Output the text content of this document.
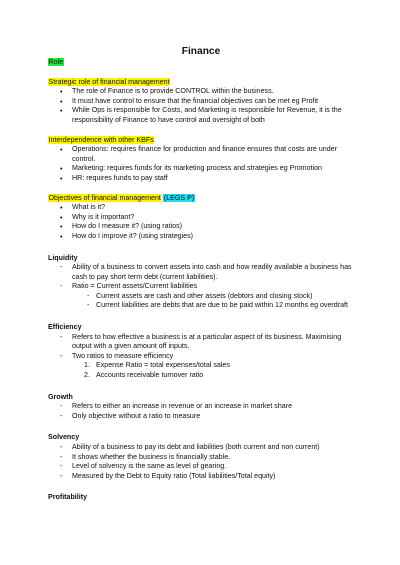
Finance
Role
Strategic role of financial management
• The role of Finance is to provide CONTROL within the business.
• It must have control to ensure that the financial objectives can be met eg Profit
• While Ops is responsible for Costs, and Marketing is responsible for Revenue, it is the responsibility of Finance to have control and oversight of both
Interdependence with other KBFs
• Operations: requires finance for production and finance ensures that costs are under control.
• Marketing: requires funds for its marketing process and strategies eg Promotion
• HR: requires funds to pay staff
Objectives of financial management (LEGS P)
• What is it?
• Why is it important?
• How do I measure it? (using ratios)
• How do I improve it? (using strategies)
Liquidity
- Ability of a business to convert assets into cash and how readily available a business has cash to pay short term debt (current liabilities).
- Ratio = Current assets/Current liabilities
- Current assets are cash and other assets (debtors and closing stock)
- Current liabilities are debts that are due to be paid within 12 months eg overdraft
Efficiency
- Refers to how effective a business is at a particular aspect of its business. Maximising output with a given amount off inputs.
- Two ratios to measure efficiency
1. Expense Ratio = total expenses/total sales
2. Accounts receivable turnover ratio
Growth
- Refers to either an increase in revenue or an increase in market share
- Only objective without a ratio to measure
Solvency
- Ability of a business to pay its debt and liabilities (both current and non current)
- It shows whether the business is financially stable.
- Level of solvency is the same as level of gearing.
- Measured by the Debt to Equity ratio (Total liabilities/Total equity)
Profitability
